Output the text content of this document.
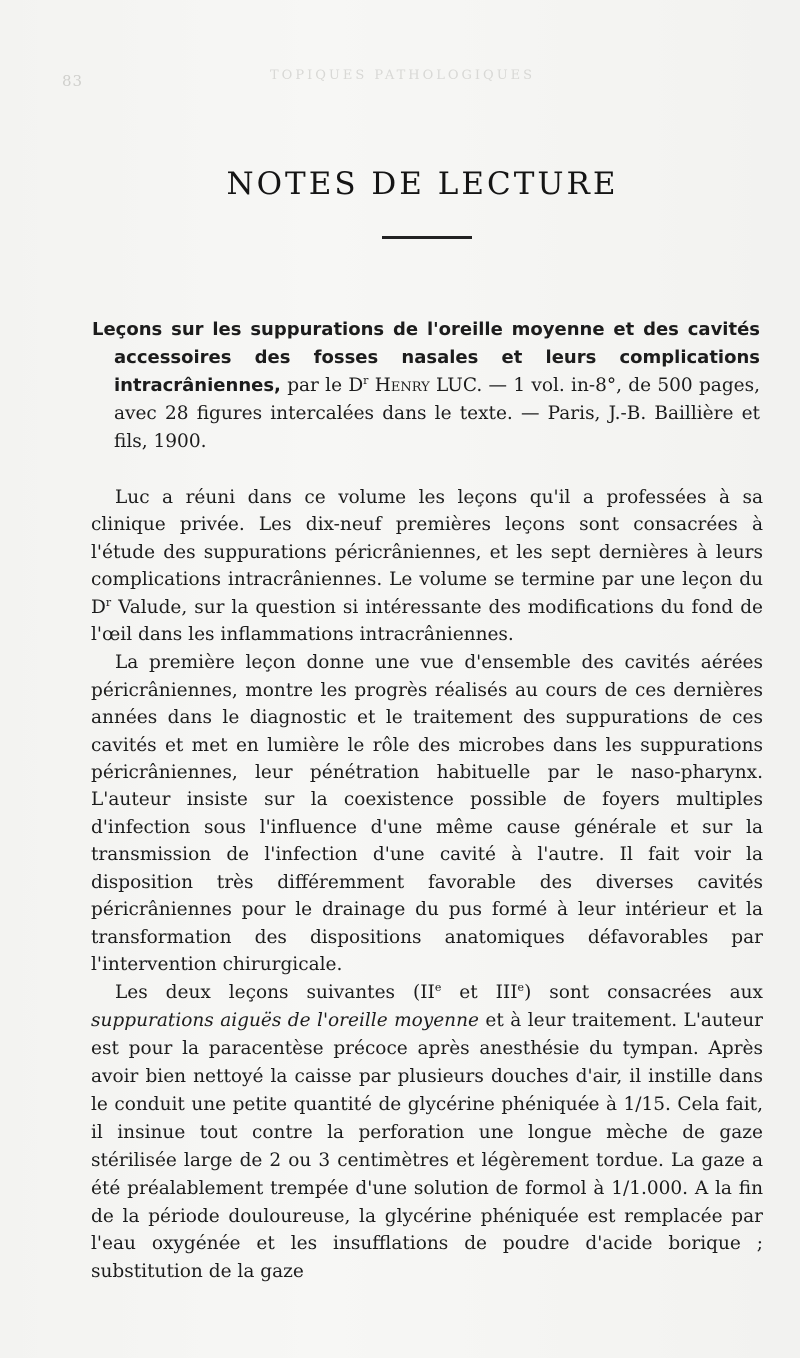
83	TOPIQUES PATHOLOGIQUES
NOTES DE LECTURE
Leçons sur les suppurations de l'oreille moyenne et des cavités accessoires des fosses nasales et leurs complications intracrâniennes, par le $D^r$ Henry LUC. — 1 vol. in-8°, de 500 pages, avec 28 figures intercalées dans le texte. — Paris, J.-B. Baillière et fils, 1900.

Luc a réuni dans ce volume les leçons qu'il a professées à sa clinique privée. Les dix-neuf premières leçons sont consacrées à l'étude des suppurations péricrâniennes, et les sept dernières à leurs complications intracrâniennes. Le volume se termine par une leçon du $D^r$ Valude, sur la question si intéressante des modifications du fond de l'œil dans les inflammations intracrâniennes.

La première leçon donne une vue d'ensemble des cavités aérées péricrâniennes, montre les progrès réalisés au cours de ces dernières années dans le diagnostic et le traitement des suppurations de ces cavités et met en lumière le rôle des microbes dans les suppurations péricrâniennes, leur pénétration habituelle par le naso-pharynx. L'auteur insiste sur la coexistence possible de foyers multiples d'infection sous l'influence d'une même cause générale et sur la transmission de l'infection d'une cavité à l'autre. Il fait voir la disposition très différemment favorable des diverses cavités péricrâniennes pour le drainage du pus formé à leur intérieur et la transformation des dispositions anatomiques défavorables par l'intervention chirurgicale.

Les deux leçons suivantes (IIe et IIIe) sont consacrées aux suppurations aiguës de l'oreille moyenne et à leur traitement. L'auteur est pour la paracentèse précoce après anesthésie du tympan. Après avoir bien nettoyé la caisse par plusieurs douches d'air, il instille dans le conduit une petite quantité de glycérine phéniquée à 1/15. Cela fait, il insinue tout contre la perforation une longue mèche de gaze stérilisée large de 2 ou 3 centimètres et légèrement tordue. La gaze a été préalablement trempée d'une solution de formol à 1/1.000. A la fin de la période douloureuse, la glycérine phéniquée est remplacée par l'eau oxygénée et les insufflations de poudre d'acide borique ; substitution de la gaze
